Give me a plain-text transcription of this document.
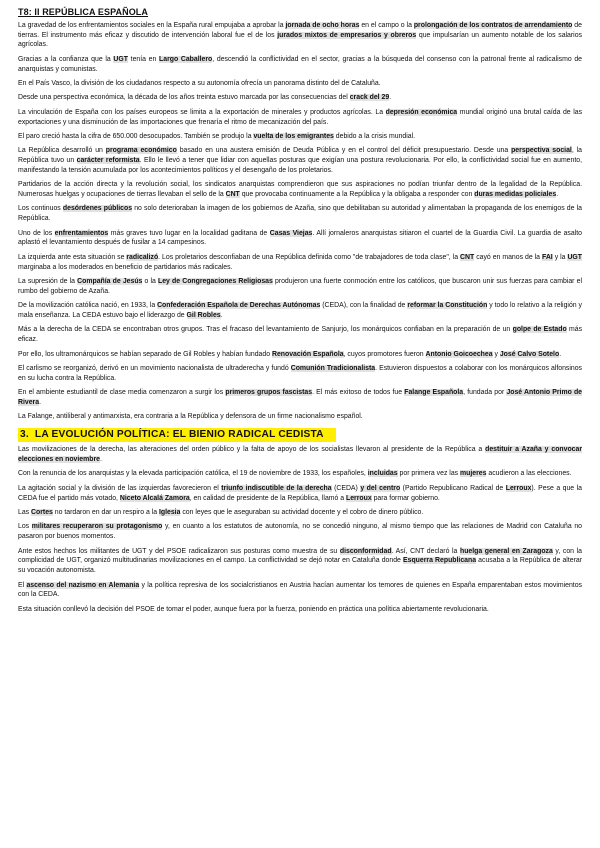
T8: II REPÚBLICA ESPAÑOLA

La gravedad de los enfrentamientos sociales en la España rural empujaba a aprobar la jornada de ocho horas en el campo o la prolongación de los contratos de arrendamiento de tierras. El instrumento más eficaz y discutido de intervención laboral fue el de los jurados mixtos de empresarios y obreros que impulsarían un aumento notable de los salarios agrícolas.

Gracias a la confianza que la UGT tenía en Largo Caballero, descendió la conflictividad en el sector, gracias a la búsqueda del consenso con la patronal frente al radicalismo de anarquistas y comunistas.

En el País Vasco, la división de los ciudadanos respecto a su autonomía ofrecía un panorama distinto del de Cataluña.

Desde una perspectiva económica, la década de los años treinta estuvo marcada por las consecuencias del crack del 29.

La vinculación de España con los países europeos se limita a la exportación de minerales y productos agrícolas. La depresión económica mundial originó una brutal caída de las exportaciones y una disminución de las importaciones que frenaría el ritmo de mecanización del país.

El paro creció hasta la cifra de 650.000 desocupados. También se produjo la vuelta de los emigrantes debido a la crisis mundial.

La República desarrolló un programa económico basado en una austera emisión de Deuda Pública y en el control del déficit presupuestario. Desde una perspectiva social, la República tuvo un carácter reformista. Ello le llevó a tener que lidiar con aquellas posturas que exigían una postura revolucionaria. Por ello, la conflictividad social fue en aumento, manifestando la tensión acumulada por los acontecimientos políticos y el desengaño de los proletarios.

Partidarios de la acción directa y la revolución social, los sindicatos anarquistas comprendieron que sus aspiraciones no podían triunfar dentro de la legalidad de la República. Numerosas huelgas y ocupaciones de tierras llevaban el sello de la CNT que provocaba continuamente a la República y la obligaba a responder con duras medidas policiales.

Los continuos desórdenes públicos no solo deterioraban la imagen de los gobiernos de Azaña, sino que debilitaban su autoridad y alimentaban la propaganda de los enemigos de la República.

Uno de los enfrentamientos más graves tuvo lugar en la localidad gaditana de Casas Viejas. Allí jornaleros anarquistas sitiaron el cuartel de la Guardia Civil. La guardia de asalto aplastó el levantamiento después de fusilar a 14 campesinos.

La izquierda ante esta situación se radicalizó. Los proletarios desconfiaban de una República definida como "de trabajadores de toda clase", la CNT cayó en manos de la FAI y la UGT marginaba a los moderados en beneficio de partidarios más radicales.

La supresión de la Compañía de Jesús o la Ley de Congregaciones Religiosas produjeron una fuerte conmoción entre los católicos, que buscaron unir sus fuerzas para cambiar el rumbo del gobierno de Azaña.

De la movilización católica nació, en 1933, la Confederación Española de Derechas Autónomas (CEDA), con la finalidad de reformar la Constitución y todo lo relativo a la religión y mala enseñanza. La CEDA estuvo bajo el liderazgo de Gil Robles.

Más a la derecha de la CEDA se encontraban otros grupos. Tras el fracaso del levantamiento de Sanjurjo, los monárquicos confiaban en la preparación de un golpe de Estado más eficaz.

Por ello, los ultramonárquicos se habían separado de Gil Robles y habían fundado Renovación Española, cuyos promotores fueron Antonio Goicoechea y José Calvo Sotelo.

El carlismo se reorganizó, derivó en un movimiento nacionalista de ultraderecha y fundó Comunión Tradicionalista. Estuvieron dispuestos a colaborar con los monárquicos alfonsinos en su lucha contra la República.

En el ambiente estudiantil de clase media comenzaron a surgir los primeros grupos fascistas. El más exitoso de todos fue Falange Española, fundada por José Antonio Primo de Rivera.

La Falange, antiliberal y antimarxista, era contraria a la República y defensora de un firme nacionalismo español.

3. LA EVOLUCIÓN POLÍTICA: EL BIENIO RADICAL CEDISTA

Las movilizaciones de la derecha, las alteraciones del orden público y la falta de apoyo de los socialistas llevaron al presidente de la República a destituir a Azaña y convocar elecciones en noviembre.

Con la renuncia de los anarquistas y la elevada participación católica, el 19 de noviembre de 1933, los españoles, incluidas por primera vez las mujeres acudieron a las elecciones.

La agitación social y la división de las izquierdas favorecieron el triunfo indiscutible de la derecha (CEDA) y del centro (Partido Republicano Radical de Lerroux). Pese a que la CEDA fue el partido más votado, Niceto Alcalá Zamora, en calidad de presidente de la República, llamó a Lerroux para formar gobierno.

Las Cortes no tardaron en dar un respiro a la Iglesia con leyes que le aseguraban su actividad docente y el cobro de dinero público.

Los militares recuperaron su protagonismo y, en cuanto a los estatutos de autonomía, no se concedió ninguno, al mismo tiempo que las relaciones de Madrid con Cataluña no pasaron por buenos momentos.

Ante estos hechos los militantes de UGT y del PSOE radicalizaron sus posturas como muestra de su disconformidad. Así, CNT declaró la huelga general en Zaragoza y, con la complicidad de UGT, organizó multitudinarias movilizaciones en el campo. La conflictividad se dejó notar en Cataluña donde Esquerra Republicana acusaba a la República de alterar su vocación autonomista.

El ascenso del nazismo en Alemania y la política represiva de los socialcristianos en Austria hacían aumentar los temores de quienes en España emparentaban estos movimientos con la CEDA.

Esta situación conllevó la decisión del PSOE de tomar el poder, aunque fuera por la fuerza, poniendo en práctica una política abiertamente revolucionaria.
